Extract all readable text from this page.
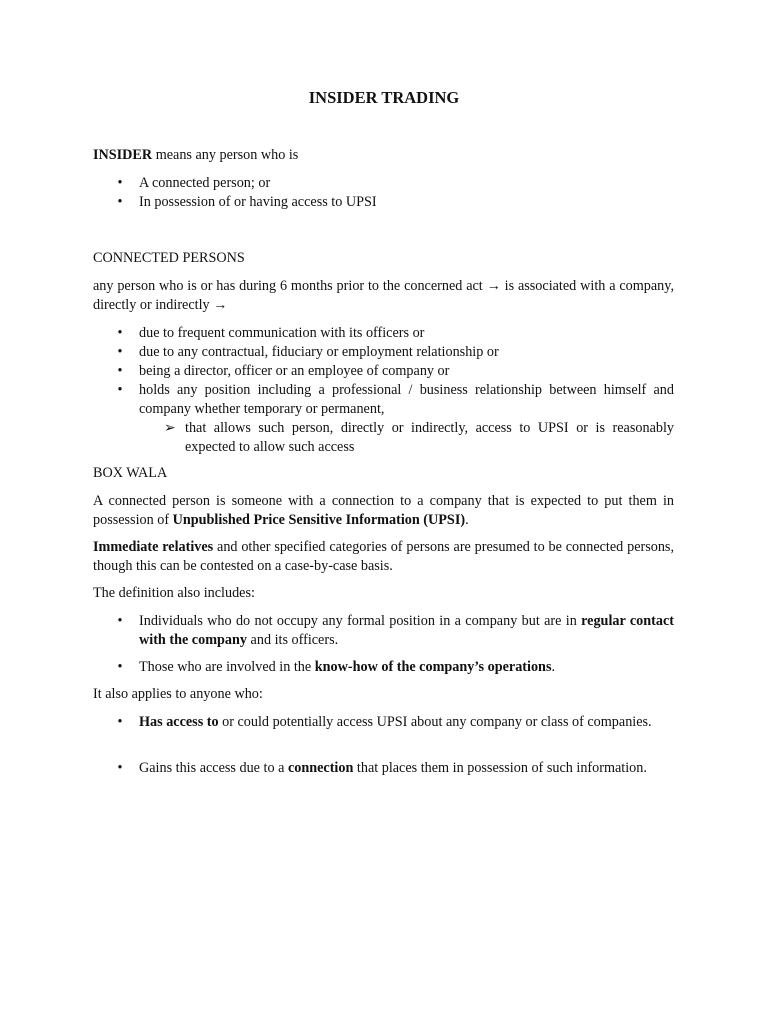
INSIDER TRADING

INSIDER means any person who is

•	A connected person; or
•	In possession of or having access to UPSI

CONNECTED PERSONS

any person who is or has during 6 months prior to the concerned act → is associated with a company, directly or indirectly →

•	due to frequent communication with its officers or
•	due to any contractual, fiduciary or employment relationship or
•	being a director, officer or an employee of company or
•	holds any position including a professional / business relationship between himself and company whether temporary or permanent,
➢ that allows such person, directly or indirectly, access to UPSI or is reasonably expected to allow such access

BOX WALA

A connected person is someone with a connection to a company that is expected to put them in possession of Unpublished Price Sensitive Information (UPSI).

Immediate relatives and other specified categories of persons are presumed to be connected persons, though this can be contested on a case-by-case basis.

The definition also includes:

•	Individuals who do not occupy any formal position in a company but are in regular contact with the company and its officers.
•	Those who are involved in the know-how of the company’s operations.

It also applies to anyone who:

•	Has access to or could potentially access UPSI about any company or class of companies.
•	Gains this access due to a connection that places them in possession of such information.
